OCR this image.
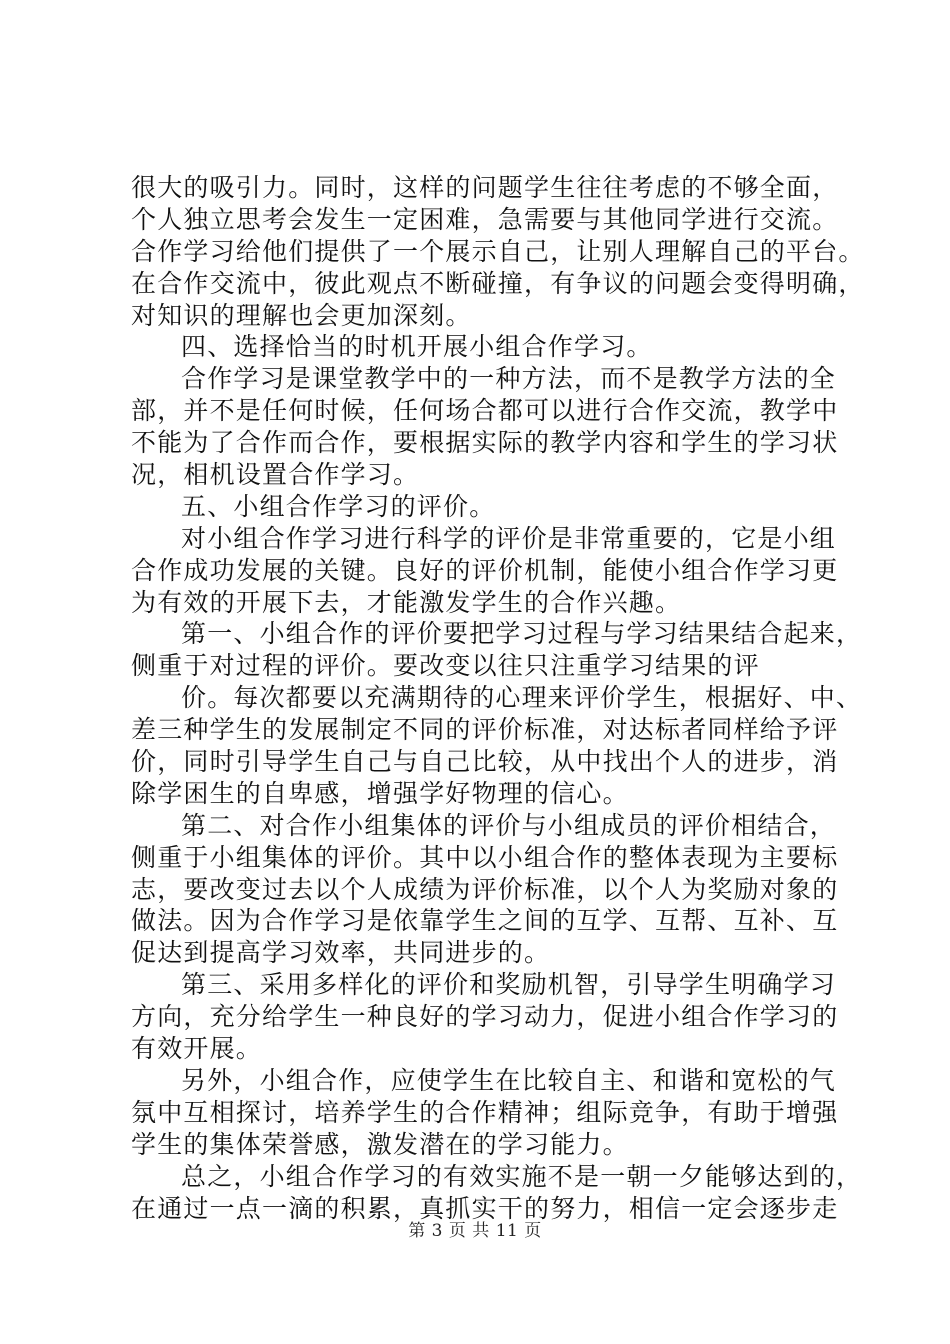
很大的吸引力。同时，这样的问题学生往往考虑的不够全面，
个人独立思考会发生一定困难，急需要与其他同学进行交流。
合作学习给他们提供了一个展示自己，让别人理解自己的平台。
在合作交流中，彼此观点不断碰撞，有争议的问题会变得明确，
对知识的理解也会更加深刻。
四、选择恰当的时机开展小组合作学习。
合作学习是课堂教学中的一种方法，而不是教学方法的全
部，并不是任何时候，任何场合都可以进行合作交流，教学中
不能为了合作而合作，要根据实际的教学内容和学生的学习状
况，相机设置合作学习。
五、小组合作学习的评价。
对小组合作学习进行科学的评价是非常重要的，它是小组
合作成功发展的关键。良好的评价机制，能使小组合作学习更
为有效的开展下去，才能激发学生的合作兴趣。
第一、小组合作的评价要把学习过程与学习结果结合起来，
侧重于对过程的评价。要改变以往只注重学习结果的评
价。每次都要以充满期待的心理来评价学生，根据好、中、
差三种学生的发展制定不同的评价标准，对达标者同样给予评
价，同时引导学生自己与自己比较，从中找出个人的进步，消
除学困生的自卑感，增强学好物理的信心。
第二、对合作小组集体的评价与小组成员的评价相结合，
侧重于小组集体的评价。其中以小组合作的整体表现为主要标
志，要改变过去以个人成绩为评价标准，以个人为奖励对象的
做法。因为合作学习是依靠学生之间的互学、互帮、互补、互
促达到提高学习效率，共同进步的。
第三、采用多样化的评价和奖励机智，引导学生明确学习
方向，充分给学生一种良好的学习动力，促进小组合作学习的
有效开展。
另外，小组合作，应使学生在比较自主、和谐和宽松的气
氛中互相探讨，培养学生的合作精神；组际竞争，有助于增强
学生的集体荣誉感，激发潜在的学习能力。
总之，小组合作学习的有效实施不是一朝一夕能够达到的，
在通过一点一滴的积累，真抓实干的努力，相信一定会逐步走
第 3 页 共 11 页
